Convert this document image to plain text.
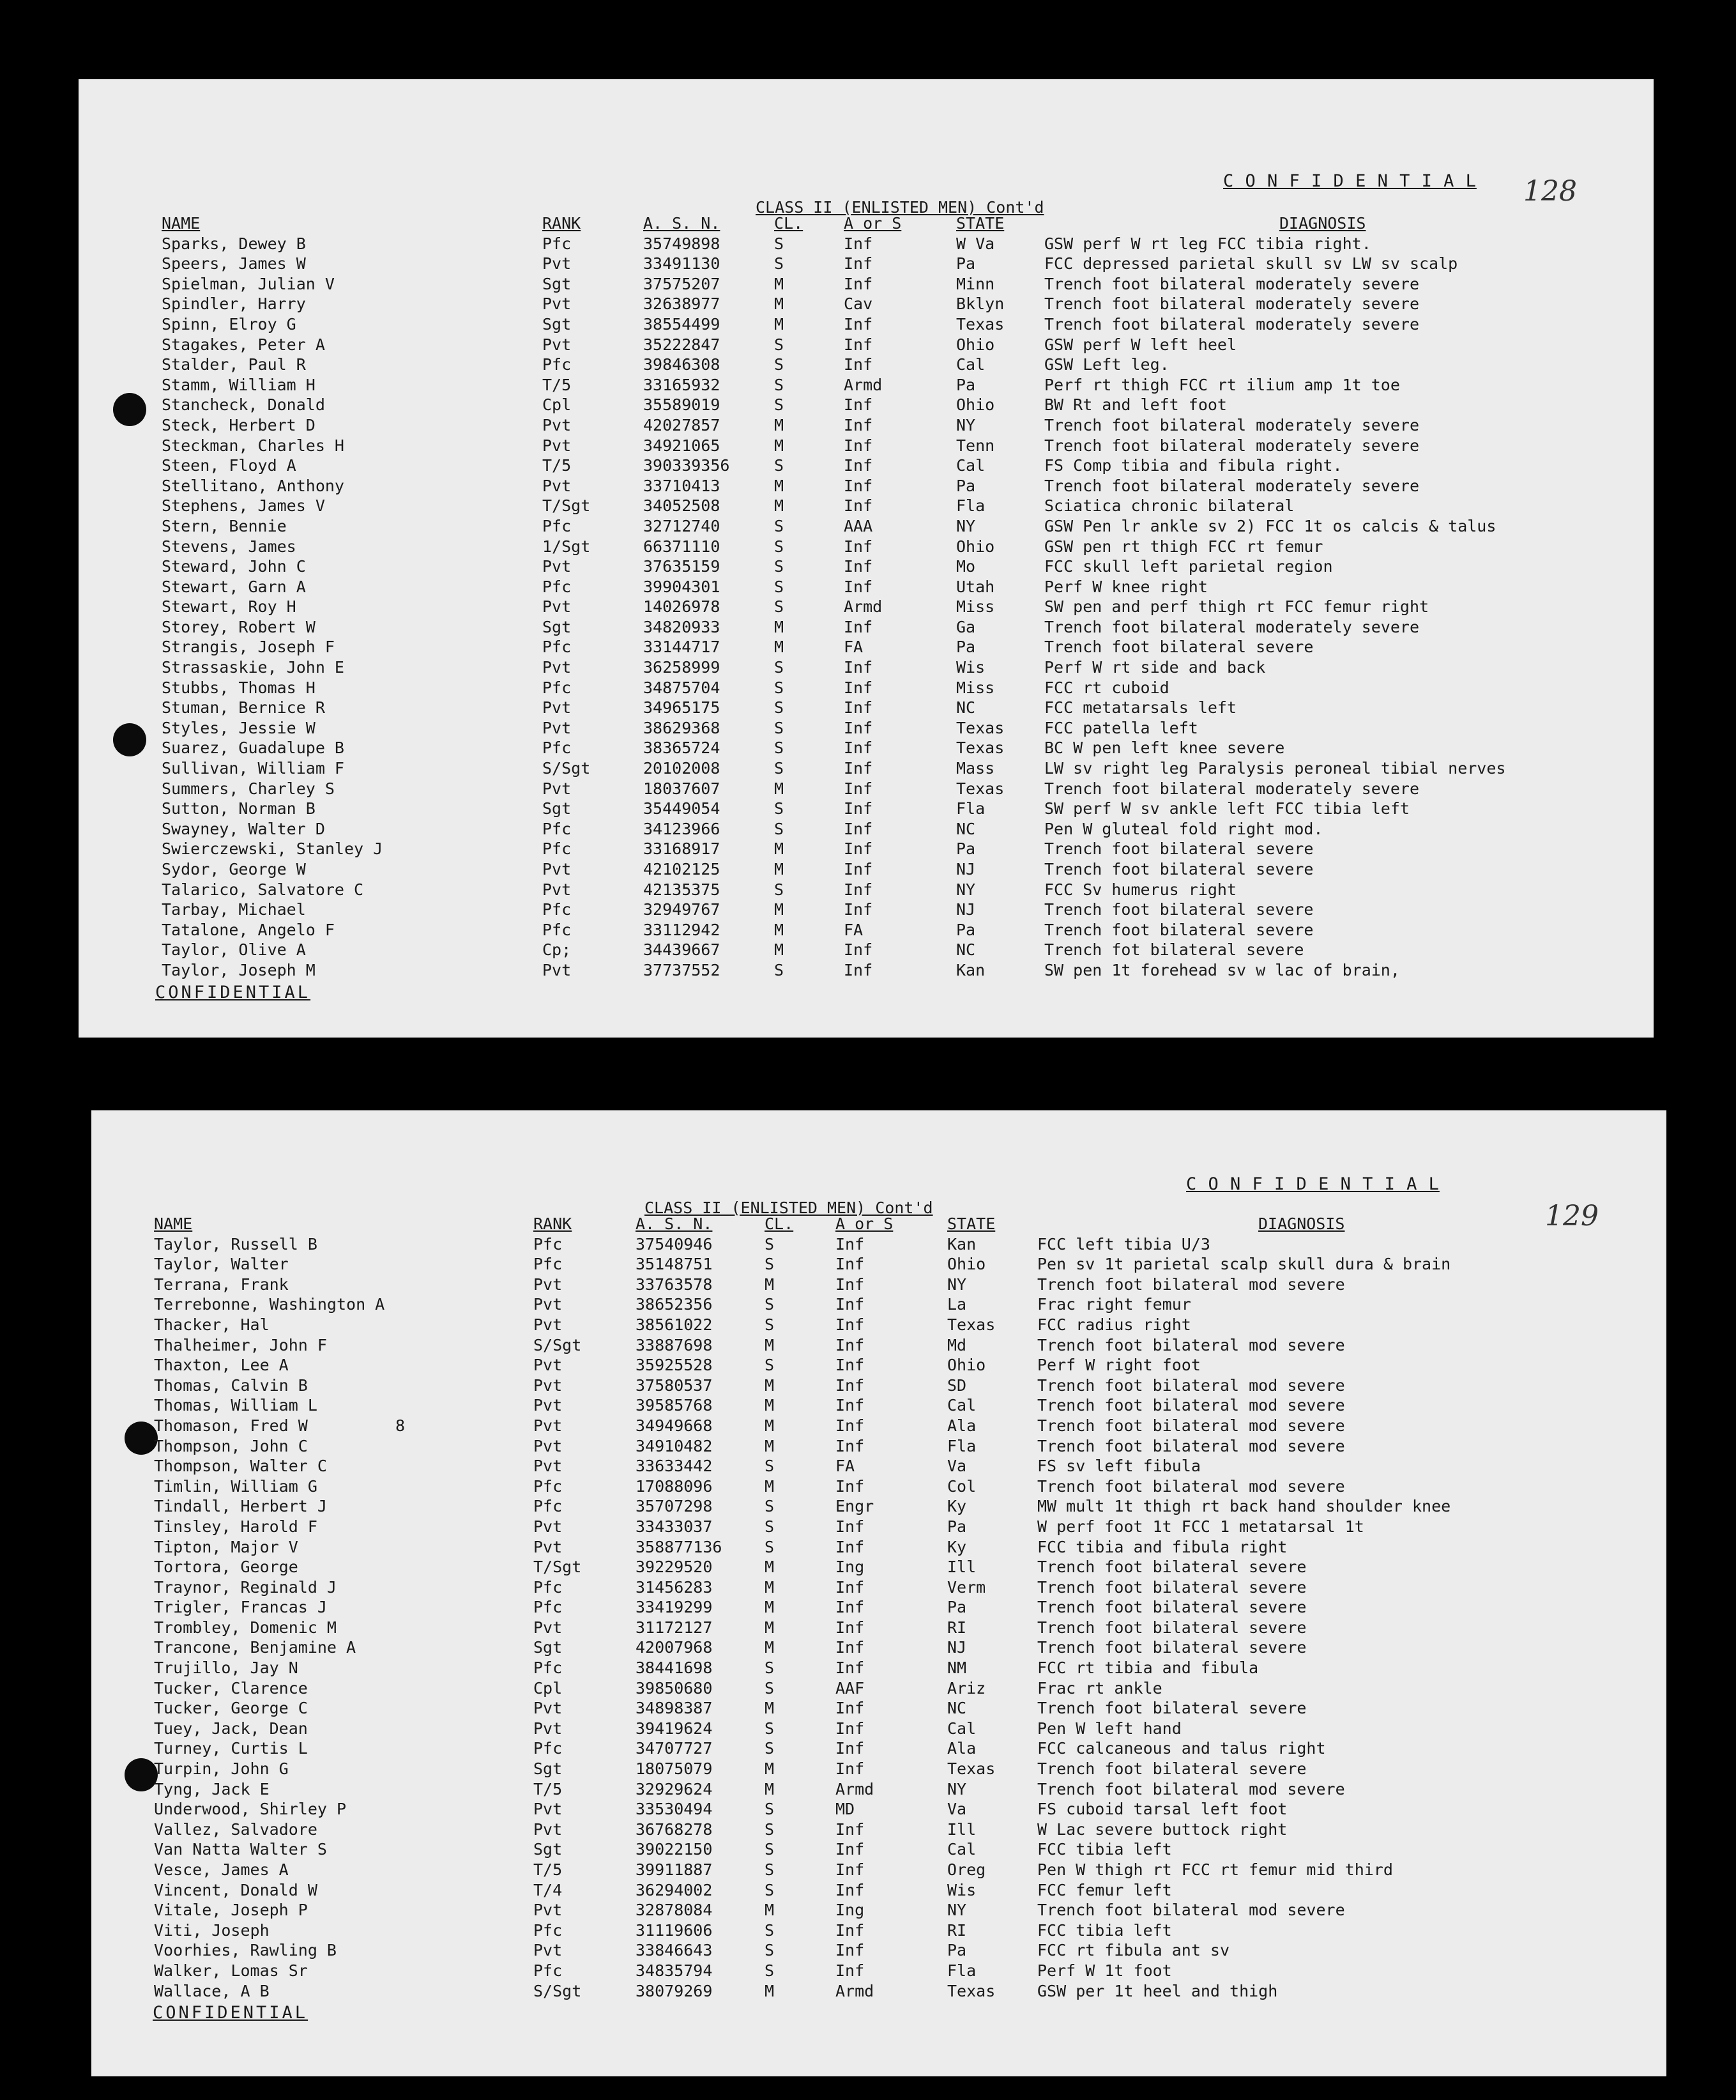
C O N F I D E N T I A L 128
CLASS II (ENLISTED MEN) Cont'd
NAME
Sparks, Dewey B
Speers, James W
Spielman, Julian V
Spindler, Harry
Spinn, Elroy G
Stagakes, Peter A
Stalder, Paul R
Stamm, William H
Stancheck, Donald
Steck, Herbert D
Steckman, Charles H
Steen, Floyd A
Stellitano, Anthony
Stephens, James V
Stern, Bennie
Stevens, James
Steward, John C
Stewart, Garn A
Stewart, Roy H
Storey, Robert W
Strangis, Joseph F
Strassaskie, John E
Stubbs, Thomas H
Stuman, Bernice R
Styles, Jessie W
Suarez, Guadalupe B
Sullivan, William F
Summers, Charley S
Sutton, Norman B
Swayney, Walter D
Swierczewski, Stanley J
Sydor, George W
Talarico, Salvatore C
Tarbay, Michael
Tatalone, Angelo F
Taylor, Olive A
Taylor, Joseph M
RANK
Pfc
Pvt
Sgt
Pvt
Sgt
Pvt
Pfc
T/5
Cpl
Pvt
Pvt
T/5
Pvt
T/Sgt
Pfc
1/Sgt
Pvt
Pfc
Pvt
Sgt
Pfc
Pvt
Pfc
Pvt
Pvt
Pfc
S/Sgt
Pvt
Sgt
Pfc
Pfc
Pvt
Pvt
Pfc
Pfc
Cp;
Pvt
A. S. N.
35749898
33491130
37575207
32638977
38554499
35222847
39846308
33165932
35589019
42027857
34921065
390339356
33710413
34052508
32712740
66371110
37635159
39904301
14026978
34820933
33144717
36258999
34875704
34965175
38629368
38365724
20102008
18037607
35449054
34123966
33168917
42102125
42135375
32949767
33112942
34439667
37737552
CL.
S
S
M
M
M
S
S
S
S
M
M
S
M
M
S
S
S
S
S
M
M
S
S
S
S
S
S
M
S
S
M
M
S
M
M
M
S
A or S
Inf
Inf
Inf
Cav
Inf
Inf
Inf
Armd
Inf
Inf
Inf
Inf
Inf
Inf
AAA
Inf
Inf
Inf
Armd
Inf
FA
Inf
Inf
Inf
Inf
Inf
Inf
Inf
Inf
Inf
Inf
Inf
Inf
Inf
FA
Inf
Inf
STATE
W Va
Pa
Minn
Bklyn
Texas
Ohio
Cal
Pa
Ohio
NY
Tenn
Cal
Pa
Fla
NY
Ohio
Mo
Utah
Miss
Ga
Pa
Wis
Miss
NC
Texas
Texas
Mass
Texas
Fla
NC
Pa
NJ
NY
NJ
Pa
NC
Kan
DIAGNOSIS
GSW perf W rt leg FCC tibia right.
FCC depressed parietal skull sv LW sv scalp
Trench foot bilateral moderately severe
Trench foot bilateral moderately severe
Trench foot bilateral moderately severe
GSW perf W left heel
GSW Left leg.
Perf rt thigh FCC rt ilium amp 1t toe
BW Rt and left foot
Trench foot bilateral moderately severe
Trench foot bilateral moderately severe
FS Comp tibia and fibula right.
Trench foot bilateral moderately severe
Sciatica chronic bilateral
GSW Pen lr ankle sv 2) FCC 1t os calcis & talus
GSW pen rt thigh FCC rt femur
FCC skull left parietal region
Perf W knee right
SW pen and perf thigh rt FCC femur right
Trench foot bilateral moderately severe
Trench foot bilateral severe
Perf W rt side and back
FCC rt cuboid
FCC metatarsals left
FCC patella left
BC W pen left knee severe
LW sv right leg Paralysis peroneal tibial nerves
Trench foot bilateral moderately severe
SW perf W sv ankle left FCC tibia left
Pen W gluteal fold right mod.
Trench foot bilateral severe
Trench foot bilateral severe
FCC Sv humerus right
Trench foot bilateral severe
Trench foot bilateral severe
Trench fot bilateral severe
SW pen 1t forehead sv w lac of brain,
CONFIDENTIAL
C O N F I D E N T I A L
129
CLASS II (ENLISTED MEN) Cont'd
8
NAME
Taylor, Russell B
Taylor, Walter
Terrana, Frank
Terrebonne, Washington A
Thacker, Hal
Thalheimer, John F
Thaxton, Lee A
Thomas, Calvin B
Thomas, William L
Thomason, Fred W
Thompson, John C
Thompson, Walter C
Timlin, William G
Tindall, Herbert J
Tinsley, Harold F
Tipton, Major V
Tortora, George
Traynor, Reginald J
Trigler, Francas J
Trombley, Domenic M
Trancone, Benjamine A
Trujillo, Jay N
Tucker, Clarence
Tucker, George C
Tuey, Jack, Dean
Turney, Curtis L
Turpin, John G
Tyng, Jack E
Underwood, Shirley P
Vallez, Salvadore
Van Natta Walter S
Vesce, James A
Vincent, Donald W
Vitale, Joseph P
Viti, Joseph
Voorhies, Rawling B
Walker, Lomas Sr
Wallace, A B
RANK
Pfc
Pfc
Pvt
Pvt
Pvt
S/Sgt
Pvt
Pvt
Pvt
Pvt
Pvt
Pvt
Pfc
Pfc
Pvt
Pvt
T/Sgt
Pfc
Pfc
Pvt
Sgt
Pfc
Cpl
Pvt
Pvt
Pfc
Sgt
T/5
Pvt
Pvt
Sgt
T/5
T/4
Pvt
Pfc
Pvt
Pfc
S/Sgt
A. S. N.
37540946
35148751
33763578
38652356
38561022
33887698
35925528
37580537
39585768
34949668
34910482
33633442
17088096
35707298
33433037
358877136
39229520
31456283
33419299
31172127
42007968
38441698
39850680
34898387
39419624
34707727
18075079
32929624
33530494
36768278
39022150
39911887
36294002
32878084
31119606
33846643
34835794
38079269
CL.
S
S
M
S
S
M
S
M
M
M
M
S
M
S
S
S
M
M
M
M
M
S
S
M
S
S
M
M
S
S
S
S
S
M
S
S
S
M
A or S
Inf
Inf
Inf
Inf
Inf
Inf
Inf
Inf
Inf
Inf
Inf
FA
Inf
Engr
Inf
Inf
Ing
Inf
Inf
Inf
Inf
Inf
AAF
Inf
Inf
Inf
Inf
Armd
MD
Inf
Inf
Inf
Inf
Ing
Inf
Inf
Inf
Armd
STATE
Kan
Ohio
NY
La
Texas
Md
Ohio
SD
Cal
Ala
Fla
Va
Col
Ky
Pa
Ky
Ill
Verm
Pa
RI
NJ
NM
Ariz
NC
Cal
Ala
Texas
NY
Va
Ill
Cal
Oreg
Wis
NY
RI
Pa
Fla
Texas
DIAGNOSIS
FCC left tibia U/3
Pen sv 1t parietal scalp skull dura & brain
Trench foot bilateral mod severe
Frac right femur
FCC radius right
Trench foot bilateral mod severe
Perf W right foot
Trench foot bilateral mod severe
Trench foot bilateral mod severe
Trench foot bilateral mod severe
Trench foot bilateral mod severe
FS sv left fibula
Trench foot bilateral mod severe
MW mult 1t thigh rt back hand shoulder knee
W perf foot 1t FCC 1 metatarsal 1t
FCC tibia and fibula right
Trench foot bilateral severe
Trench foot bilateral severe
Trench foot bilateral severe
Trench foot bilateral severe
Trench foot bilateral severe
FCC rt tibia and fibula
Frac rt ankle
Trench foot bilateral severe
Pen W left hand
FCC calcaneous and talus right
Trench foot bilateral severe
Trench foot bilateral mod severe
FS cuboid tarsal left foot
W Lac severe buttock right
FCC tibia left
Pen W thigh rt FCC rt femur mid third
FCC femur left
Trench foot bilateral mod severe
FCC tibia left
FCC rt fibula ant sv
Perf W 1t foot
GSW per 1t heel and thigh
CONFIDENTIAL
